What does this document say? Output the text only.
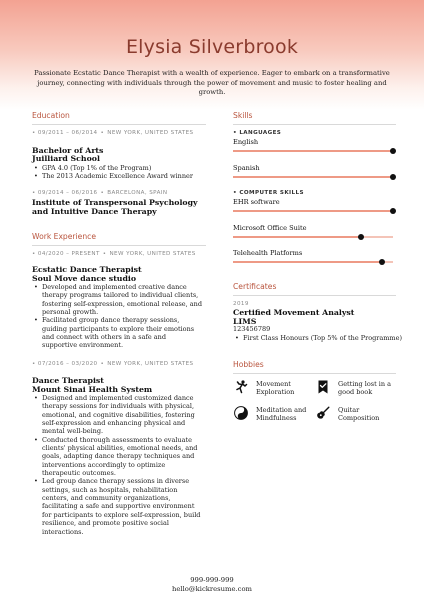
Elysia Silverbrook
Passionate Ecstatic Dance Therapist with a wealth of experience. Eager to embark on a transformative journey, connecting with individuals through the power of movement and music to foster healing and growth.
Education
• 09/2011 – 06/2014 • NEW YORK, UNITED STATES
Bachelor of Arts
Juilliard School
• GPA 4.0 (Top 1% of the Program)
• The 2013 Academic Excellence Award winner
• 09/2014 – 06/2016 • BARCELONA, SPAIN
Institute of Transpersonal Psychology
and Intuitive Dance Therapy
Work Experience
• 04/2020 – PRESENT • NEW YORK, UNITED STATES
Ecstatic Dance Therapist
Soul Move dance studio
• Developed and implemented creative dance therapy programs tailored to individual clients, fostering self-expression, emotional release, and personal growth.
• Facilitated group dance therapy sessions, guiding participants to explore their emotions and connect with others in a safe and supportive environment.
• 07/2016 – 03/2020 • NEW YORK, UNITED STATES
Dance Therapist
Mount Sinai Health System
• Designed and implemented customized dance therapy sessions for individuals with physical, emotional, and cognitive disabilities, fostering self-expression and enhancing physical and mental well-being.
• Conducted thorough assessments to evaluate clients' physical abilities, emotional needs, and goals, adapting dance therapy techniques and interventions accordingly to optimize therapeutic outcomes.
• Led group dance therapy sessions in diverse settings, such as hospitals, rehabilitation centers, and community organizations, facilitating a safe and supportive environment for participants to explore self-expression, build resilience, and promote positive social interactions.
Skills
• LANGUAGES
English
Spanish
• COMPUTER SKILLS
EHR software
Microsoft Office Suite
Telehealth Platforms
Certificates
2019
Certified Movement Analyst
LIMS
123456789
• First Class Honours (Top 5% of the Programme)
Hobbies
Movement
Exploration
Getting lost in a
good book
Meditation and
Mindfulness
Quitar
Composition
999-999-999
hello@kickresume.com
